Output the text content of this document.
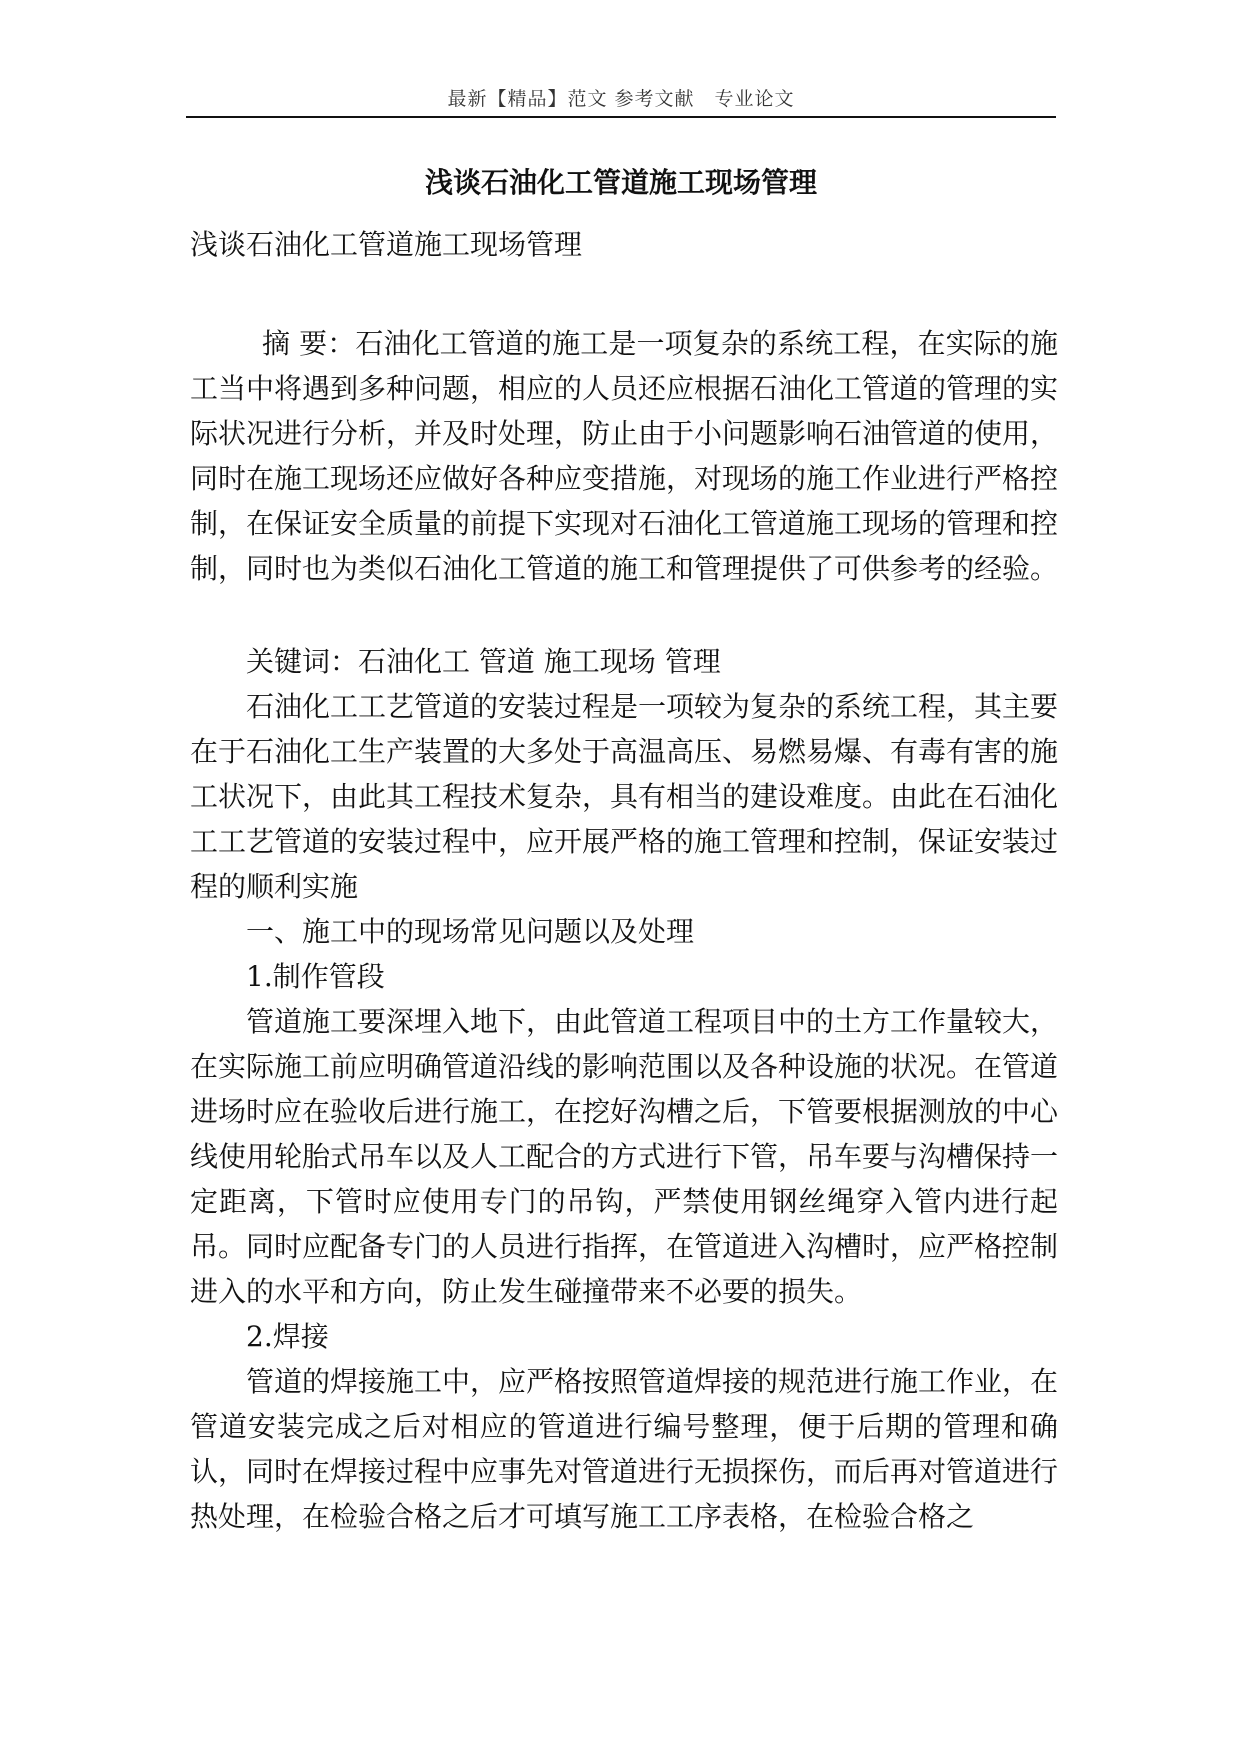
最新【精品】范文 参考文献　专业论文
浅谈石油化工管道施工现场管理

浅谈石油化工管道施工现场管理

摘 要：石油化工管道的施工是一项复杂的系统工程，在实际的施工当中将遇到多种问题，相应的人员还应根据石油化工管道的管理的实际状况进行分析，并及时处理，防止由于小问题影响石油管道的使用，同时在施工现场还应做好各种应变措施，对现场的施工作业进行严格控制，在保证安全质量的前提下实现对石油化工管道施工现场的管理和控制，同时也为类似石油化工管道的施工和管理提供了可供参考的经验。

关键词：石油化工 管道 施工现场 管理

石油化工工艺管道的安装过程是一项较为复杂的系统工程，其主要在于石油化工生产装置的大多处于高温高压、易燃易爆、有毒有害的施工状况下，由此其工程技术复杂，具有相当的建设难度。由此在石油化工工艺管道的安装过程中，应开展严格的施工管理和控制，保证安装过程的顺利实施

一、施工中的现场常见问题以及处理

1.制作管段

管道施工要深埋入地下，由此管道工程项目中的土方工作量较大，在实际施工前应明确管道沿线的影响范围以及各种设施的状况。在管道进场时应在验收后进行施工，在挖好沟槽之后，下管要根据测放的中心线使用轮胎式吊车以及人工配合的方式进行下管，吊车要与沟槽保持一定距离，下管时应使用专门的吊钩，严禁使用钢丝绳穿入管内进行起吊。同时应配备专门的人员进行指挥，在管道进入沟槽时，应严格控制进入的水平和方向，防止发生碰撞带来不必要的损失。

2.焊接

管道的焊接施工中，应严格按照管道焊接的规范进行施工作业，在管道安装完成之后对相应的管道进行编号整理，便于后期的管理和确认，同时在焊接过程中应事先对管道进行无损探伤，而后再对管道进行热处理，在检验合格之后才可填写施工工序表格，在检验合格之
